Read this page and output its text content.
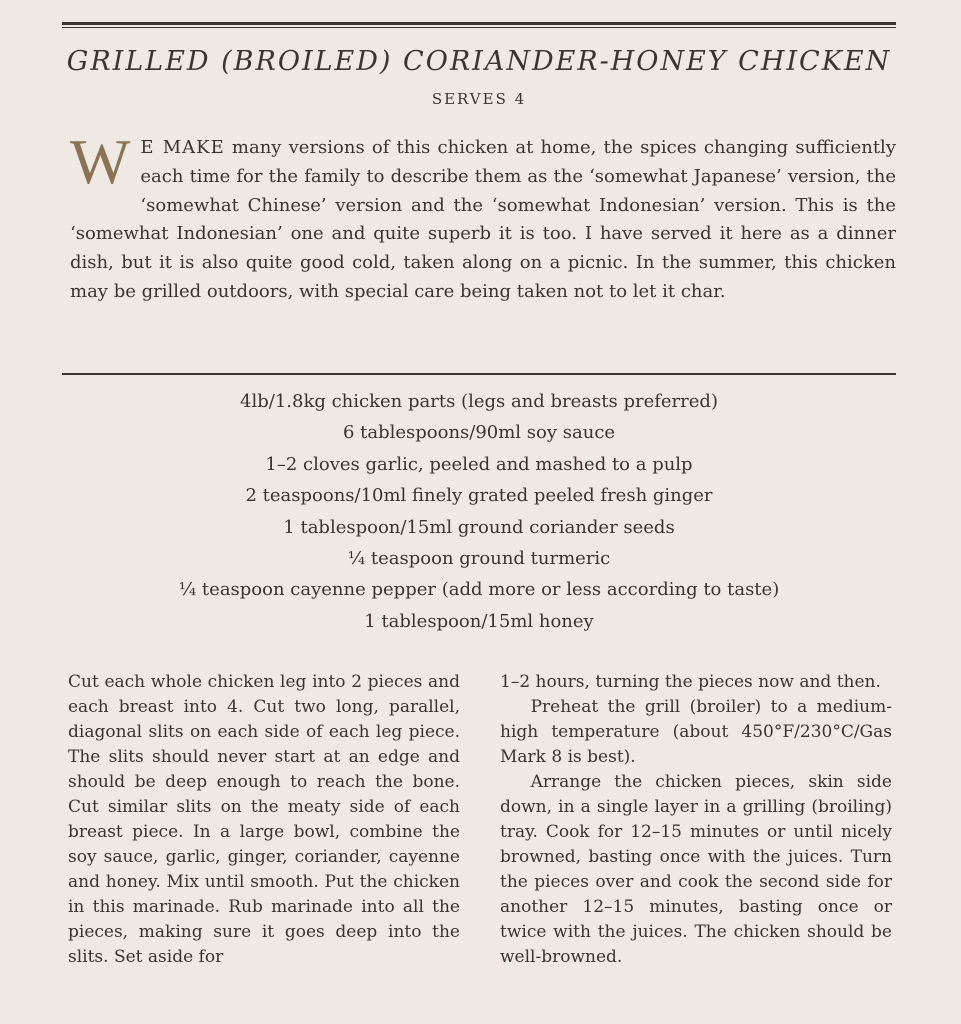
GRILLED (BROILED) CORIANDER-HONEY CHICKEN
SERVES 4

W E MAKE many versions of this chicken at home, the spices changing sufficiently each time for the family to describe them as the ‘somewhat Japanese’ version, the ‘somewhat Chinese’ version and the ‘somewhat Indonesian’ version. This is the ‘somewhat Indonesian’ one and quite superb it is too. I have served it here as a dinner dish, but it is also quite good cold, taken along on a picnic. In the summer, this chicken may be grilled outdoors, with special care being taken not to let it char.

4lb/1.8kg chicken parts (legs and breasts preferred)
6 tablespoons/90ml soy sauce
1–2 cloves garlic, peeled and mashed to a pulp
2 teaspoons/10ml finely grated peeled fresh ginger
1 tablespoon/15ml ground coriander seeds
¼ teaspoon ground turmeric
¼ teaspoon cayenne pepper (add more or less according to taste)
1 tablespoon/15ml honey

Cut each whole chicken leg into 2 pieces and each breast into 4. Cut two long, parallel, diagonal slits on each side of each leg piece. The slits should never start at an edge and should be deep enough to reach the bone. Cut similar slits on the meaty side of each breast piece. In a large bowl, combine the soy sauce, garlic, ginger, coriander, cayenne and honey. Mix until smooth. Put the chicken in this marinade. Rub marinade into all the pieces, making sure it goes deep into the slits. Set aside for

1–2 hours, turning the pieces now and then.

Preheat the grill (broiler) to a medium-high temperature (about 450°F/230°C/Gas Mark 8 is best).

Arrange the chicken pieces, skin side down, in a single layer in a grilling (broiling) tray. Cook for 12–15 minutes or until nicely browned, basting once with the juices. Turn the pieces over and cook the second side for another 12–15 minutes, basting once or twice with the juices. The chicken should be well-browned.
